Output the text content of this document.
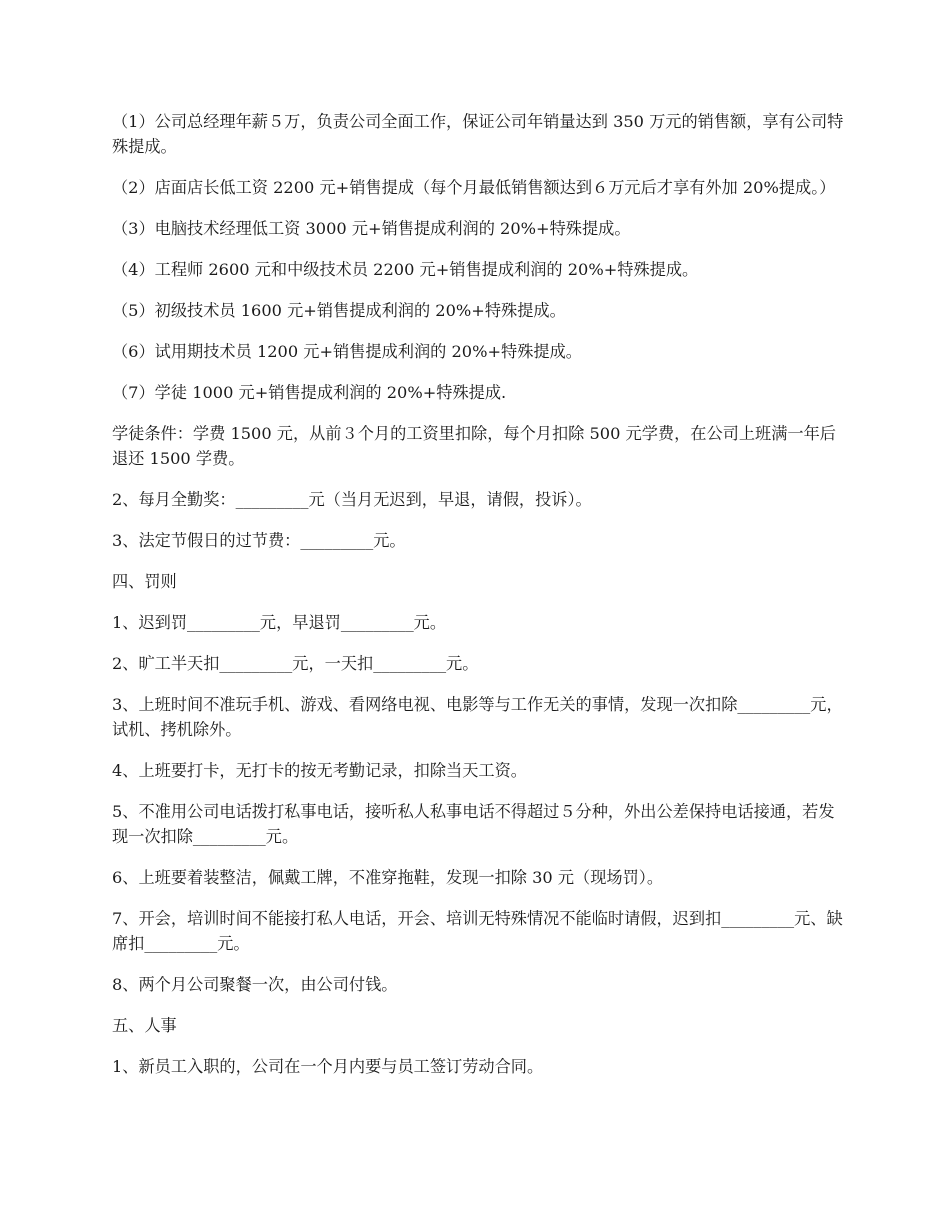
（1）公司总经理年薪５万，负责公司全面工作，保证公司年销量达到 350 万元的销售额，享有公司特殊提成。

（2）店面店长低工资 2200 元+销售提成（每个月最低销售额达到６万元后才享有外加 20%提成。）

（3）电脑技术经理低工资 3000 元+销售提成利润的 20%+特殊提成。

（4）工程师 2600 元和中级技术员 2200 元+销售提成利润的 20%+特殊提成。

（5）初级技术员 1600 元+销售提成利润的 20%+特殊提成。

（6）试用期技术员 1200 元+销售提成利润的 20%+特殊提成。

（7）学徒 1000 元+销售提成利润的 20%+特殊提成.

学徒条件：学费 1500 元，从前３个月的工资里扣除，每个月扣除 500 元学费，在公司上班满一年后退还 1500 学费。

2、每月全勤奖：_________元（当月无迟到，早退，请假，投诉）。

3、法定节假日的过节费：_________元。

四、罚则

1、迟到罚_________元，早退罚_________元。

2、旷工半天扣_________元，一天扣_________元。

3、上班时间不准玩手机、游戏、看网络电视、电影等与工作无关的事情，发现一次扣除_________元，试机、拷机除外。

4、上班要打卡，无打卡的按无考勤记录，扣除当天工资。

5、不准用公司电话拨打私事电话，接听私人私事电话不得超过５分种，外出公差保持电话接通，若发现一次扣除_________元。

6、上班要着装整洁，佩戴工牌，不准穿拖鞋，发现一扣除 30 元（现场罚）。

7、开会，培训时间不能接打私人电话，开会、培训无特殊情况不能临时请假，迟到扣_________元、缺席扣_________元。

8、两个月公司聚餐一次，由公司付钱。

五、人事

1、新员工入职的，公司在一个月内要与员工签订劳动合同。
